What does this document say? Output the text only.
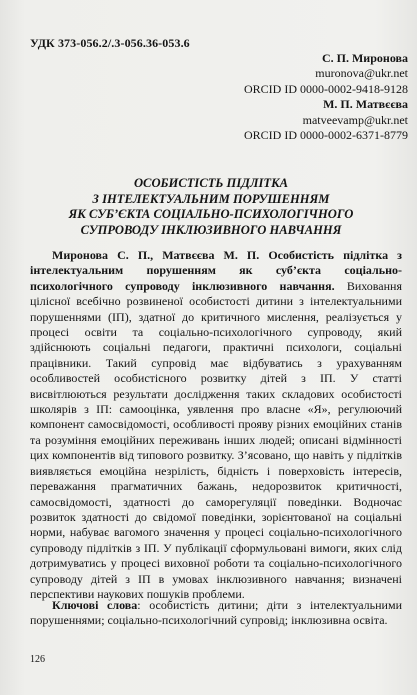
УДК 373-056.2/.3-056.36-053.6
С. П. Миронова
muronova@ukr.net
ORCID ID 0000-0002-9418-9128
М. П. Матвєєва
matveevamp@ukr.net
ORCID ID 0000-0002-6371-8779
ОСОБИСТІСТЬ ПІДЛІТКА
З ІНТЕЛЕКТУАЛЬНИМ ПОРУШЕННЯМ
ЯК СУБ’ЄКТА СОЦІАЛЬНО-ПСИХОЛОГІЧНОГО
СУПРОВОДУ ІНКЛЮЗИВНОГО НАВЧАННЯ

Миронова С. П., Матвєєва М. П. Особистість підлітка з інтелектуальним порушенням як суб’єкта соціально-психологічного супроводу інклюзивного навчання. Виховання цілісної всебічно розвиненої особистості дитини з інтелектуальними порушеннями (ІП), здатної до критичного мислення, реалізується у процесі освіти та соціально-психологічного супроводу, який здійснюють соціальні педагоги, практичні психологи, соціальні працівники. Такий супровід має відбуватись з урахуванням особливостей особистісного розвитку дітей з ІП. У статті висвітлюються результати дослідження таких складових особистості школярів з ІП: самооцінка, уявлення про власне «Я», регулюючий компонент самосвідомості, особливості прояву різних емоційних станів та розуміння емоційних переживань інших людей; описані відмінності цих компонентів від типового розвитку. З’ясовано, що навіть у підлітків виявляється емоційна незрілість, бідність і поверховість інтересів, переважання прагматичних бажань, недорозвиток критичності, самосвідомості, здатності до саморегуляції поведінки. Водночас розвиток здатності до свідомої поведінки, зорієнтованої на соціальні норми, набуває вагомого значення у процесі соціально-психологічного супроводу підлітків з ІП. У публікації сформульовані вимоги, яких слід дотримуватись у процесі виховної роботи та соціально-психологічного супроводу дітей з ІП в умовах інклюзивного навчання; визначені перспективи наукових пошуків проблеми.

Ключові слова: особистість дитини; діти з інтелектуальними порушеннями; соціально-психологічний супровід; інклюзивна освіта.

126
